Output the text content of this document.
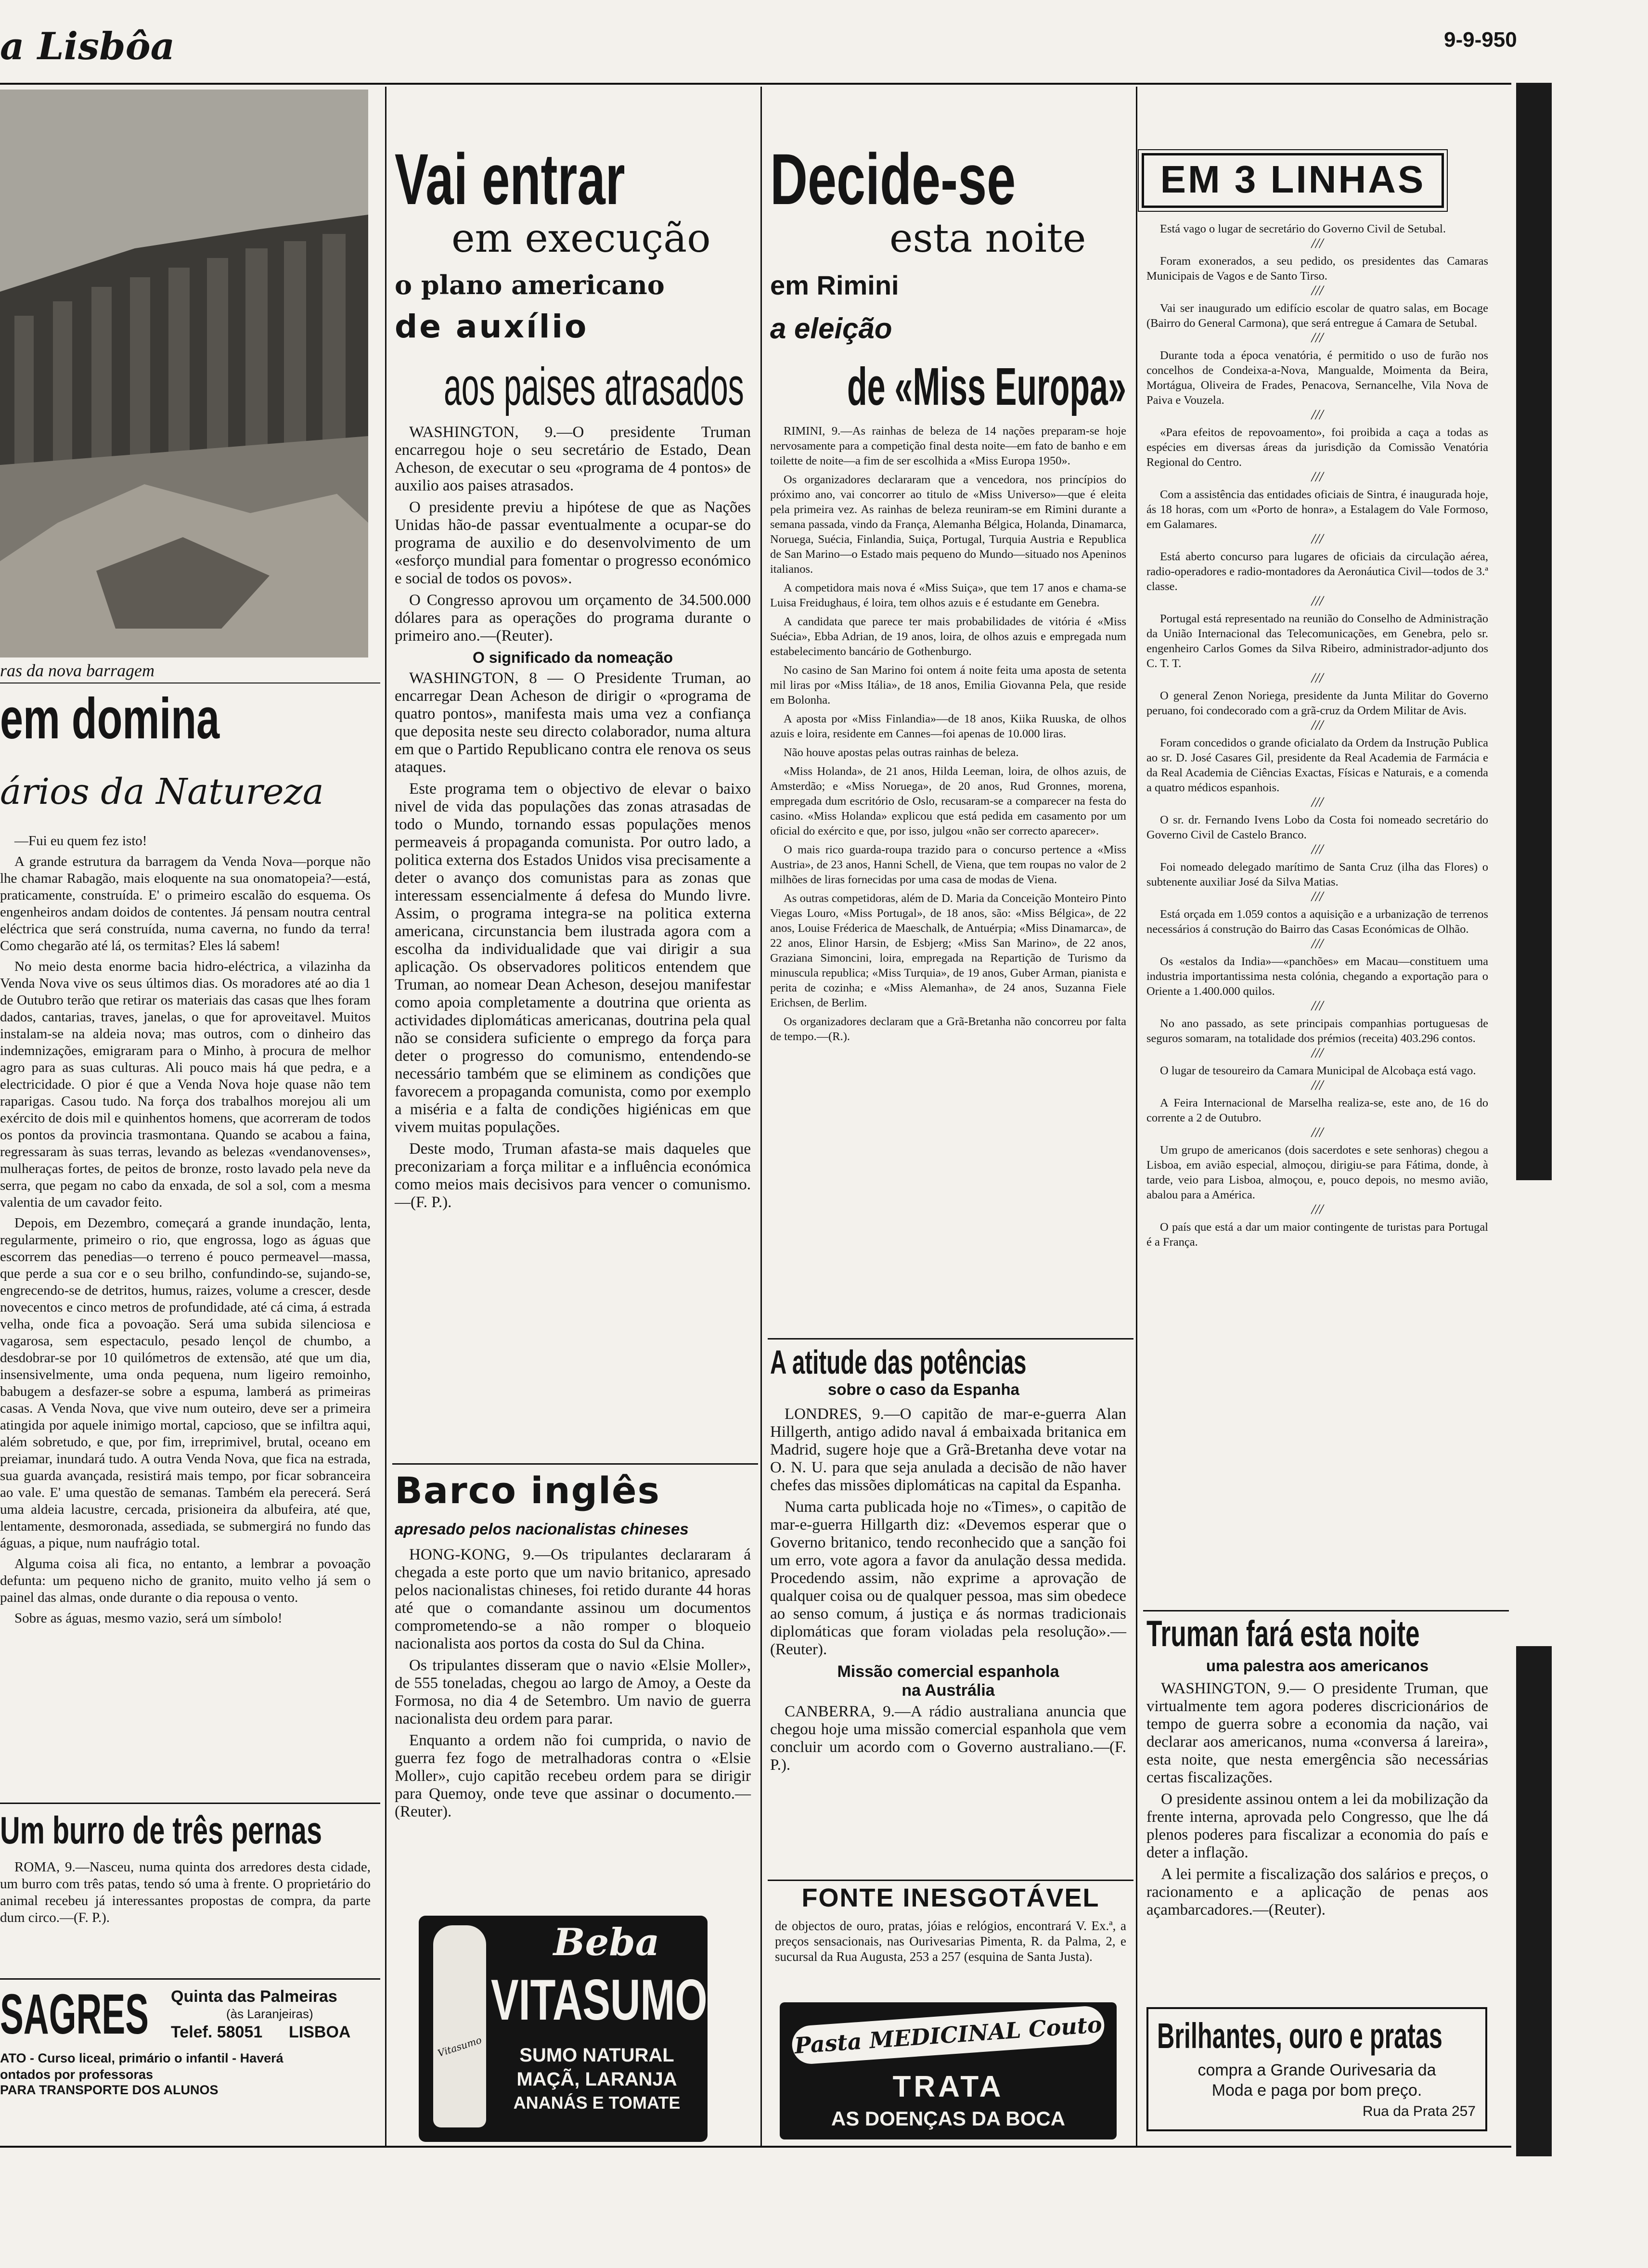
a Lisbôa	9-9-950
ras da nova barragem
em domina
ários da Natureza

—Fui eu quem fez isto!

A grande estrutura da barragem da Venda Nova—porque não lhe chamar Rabagão, mais eloquente na sua onomatopeia?—está, praticamente, construída. E' o primeiro escalão do esquema. Os engenheiros andam doidos de contentes. Já pensam noutra central eléctrica que será construída, numa caverna, no fundo da terra! Como chegarão até lá, os termitas? Eles lá sabem!

No meio desta enorme bacia hidro-eléctrica, a vilazinha da Venda Nova vive os seus últimos dias. Os moradores até ao dia 1 de Outubro terão que retirar os materiais das casas que lhes foram dados, cantarias, traves, janelas, o que for aproveitavel. Muitos instalam-se na aldeia nova; mas outros, com o dinheiro das indemnizações, emigraram para o Minho, à procura de melhor agro para as suas culturas. Ali pouco mais há que pedra, e a electricidade. O pior é que a Venda Nova hoje quase não tem raparigas. Casou tudo. Na força dos trabalhos morejou ali um exército de dois mil e quinhentos homens, que acorreram de todos os pontos da provincia trasmontana. Quando se acabou a faina, regressaram às suas terras, levando as belezas «vendanovenses», mulheraças fortes, de peitos de bronze, rosto lavado pela neve da serra, que pegam no cabo da enxada, de sol a sol, com a mesma valentia de um cavador feito.

Depois, em Dezembro, começará a grande inundação, lenta, regularmente, primeiro o rio, que engrossa, logo as águas que escorrem das penedias—o terreno é pouco permeavel—massa, que perde a sua cor e o seu brilho, confundindo-se, sujando-se, engrecendo-se de detritos, humus, raizes, volume a crescer, desde novecentos e cinco metros de profundidade, até cá cima, á estrada velha, onde fica a povoação. Será uma subida silenciosa e vagarosa, sem espectaculo, pesado lençol de chumbo, a desdobrar-se por 10 quilómetros de extensão, até que um dia, insensivelmente, uma onda pequena, num ligeiro remoinho, babugem a desfazer-se sobre a espuma, lamberá as primeiras casas. A Venda Nova, que vive num outeiro, deve ser a primeira atingida por aquele inimigo mortal, capcioso, que se infiltra aqui, além sobretudo, e que, por fim, irreprimivel, brutal, oceano em preiamar, inundará tudo. A outra Venda Nova, que fica na estrada, sua guarda avançada, resistirá mais tempo, por ficar sobranceira ao vale. E' uma questão de semanas. Também ela perecerá. Será uma aldeia lacustre, cercada, prisioneira da albufeira, até que, lentamente, desmoronada, assediada, se submergirá no fundo das águas, a pique, num naufrágio total.

Alguma coisa ali fica, no entanto, a lembrar a povoação defunta: um pequeno nicho de granito, muito velho já sem o painel das almas, onde durante o dia repousa o vento.

Sobre as águas, mesmo vazio, será um símbolo!

Um burro de três pernas

ROMA, 9.—Nasceu, numa quinta dos arredores desta cidade, um burro com três patas, tendo só uma à frente. O proprietário do animal recebeu já interessantes propostas de compra, da parte dum circo.—(F. P.).

SAGRES Quinta das Palmeiras
(às Laranjeiras)
Telef. 58051 LISBOA
ATO - Curso liceal, primário o infantil - Haverá
ontados por professoras
PARA TRANSPORTE DOS ALUNOS
Vai entrar
em execução
o plano americano
de auxílio
aos paises atrasados

WASHINGTON, 9.—O presidente Truman encarregou hoje o seu secretário de Estado, Dean Acheson, de executar o seu «programa de 4 pontos» de auxilio aos paises atrasados.

O presidente previu a hipótese de que as Nações Unidas hão-de passar eventualmente a ocupar-se do programa de auxilio e do desenvolvimento de um «esforço mundial para fomentar o progresso económico e social de todos os povos».

O Congresso aprovou um orçamento de 34.500.000 dólares para as operações do programa durante o primeiro ano.—(Reuter).

O significado da nomeação

WASHINGTON, 8 — O Presidente Truman, ao encarregar Dean Acheson de dirigir o «programa de quatro pontos», manifesta mais uma vez a confiança que deposita neste seu directo colaborador, numa altura em que o Partido Republicano contra ele renova os seus ataques.

Este programa tem o objectivo de elevar o baixo nivel de vida das populações das zonas atrasadas de todo o Mundo, tornando essas populações menos permeaveis á propaganda comunista. Por outro lado, a politica externa dos Estados Unidos visa precisamente a deter o avanço dos comunistas para as zonas que interessam essencialmente á defesa do Mundo livre. Assim, o programa integra-se na politica externa americana, circunstancia bem ilustrada agora com a escolha da individualidade que vai dirigir a sua aplicação. Os observadores politicos entendem que Truman, ao nomear Dean Acheson, desejou manifestar como apoia completamente a doutrina que orienta as actividades diplomáticas americanas, doutrina pela qual não se considera suficiente o emprego da força para deter o progresso do comunismo, entendendo-se necessário também que se eliminem as condições que favorecem a propaganda comunista, como por exemplo a miséria e a falta de condições higiénicas em que vivem muitas populações.

Deste modo, Truman afasta-se mais daqueles que preconizariam a força militar e a influência económica como meios mais decisivos para vencer o comunismo.—(F. P.).

Barco inglês
apresado pelos nacionalistas chineses

HONG-KONG, 9.—Os tripulantes declararam á chegada a este porto que um navio britanico, apresado pelos nacionalistas chineses, foi retido durante 44 horas até que o comandante assinou um documentos comprometendo-se a não romper o bloqueio nacionalista aos portos da costa do Sul da China.

Os tripulantes disseram que o navio «Elsie Moller», de 555 toneladas, chegou ao largo de Amoy, a Oeste da Formosa, no dia 4 de Setembro. Um navio de guerra nacionalista deu ordem para parar.

Enquanto a ordem não foi cumprida, o navio de guerra fez fogo de metralhadoras contra o «Elsie Moller», cujo capitão recebeu ordem para se dirigir para Quemoy, onde teve que assinar o documento.—(Reuter).

Vitasumo
Beba
VITASUMO
SUMO NATURAL
MAÇÃ, LARANJA
ANANÁS E TOMATE
Decide-se
esta noite
em Rimini
a eleição
de «Miss Europa»

RIMINI, 9.—As rainhas de beleza de 14 nações preparam-se hoje nervosamente para a competição final desta noite—em fato de banho e em toilette de noite—a fim de ser escolhida a «Miss Europa 1950».

Os organizadores declararam que a vencedora, nos princípios do próximo ano, vai concorrer ao titulo de «Miss Universo»—que é eleita pela primeira vez. As rainhas de beleza reuniram-se em Rimini durante a semana passada, vindo da França, Alemanha Bélgica, Holanda, Dinamarca, Noruega, Suécia, Finlandia, Suiça, Portugal, Turquia Austria e Republica de San Marino—o Estado mais pequeno do Mundo—situado nos Apeninos italianos.

A competidora mais nova é «Miss Suiça», que tem 17 anos e chama-se Luisa Freidughaus, é loira, tem olhos azuis e é estudante em Genebra.

A candidata que parece ter mais probabilidades de vitória é «Miss Suécia», Ebba Adrian, de 19 anos, loira, de olhos azuis e empregada num estabelecimento bancário de Gothenburgo.

No casino de San Marino foi ontem á noite feita uma aposta de setenta mil liras por «Miss Itália», de 18 anos, Emilia Giovanna Pela, que reside em Bolonha.

A aposta por «Miss Finlandia»—de 18 anos, Kiika Ruuska, de olhos azuis e loira, residente em Cannes—foi apenas de 10.000 liras.

Não houve apostas pelas outras rainhas de beleza.

«Miss Holanda», de 21 anos, Hilda Leeman, loira, de olhos azuis, de Amsterdão; e «Miss Noruega», de 20 anos, Rud Gronnes, morena, empregada dum escritório de Oslo, recusaram-se a comparecer na festa do casino. «Miss Holanda» explicou que está pedida em casamento por um oficial do exército e que, por isso, julgou «não ser correcto aparecer».

O mais rico guarda-roupa trazido para o concurso pertence a «Miss Austria», de 23 anos, Hanni Schell, de Viena, que tem roupas no valor de 2 milhões de liras fornecidas por uma casa de modas de Viena.

As outras competidoras, além de D. Maria da Conceição Monteiro Pinto Viegas Louro, «Miss Portugal», de 18 anos, são: «Miss Bélgica», de 22 anos, Louise Fréderica de Maeschalk, de Antuérpia; «Miss Dinamarca», de 22 anos, Elinor Harsin, de Esbjerg; «Miss San Marino», de 22 anos, Graziana Simoncini, loira, empregada na Repartição de Turismo da minuscula republica; «Miss Turquia», de 19 anos, Guber Arman, pianista e perita de cozinha; e «Miss Alemanha», de 24 anos, Suzanna Fiele Erichsen, de Berlim.

Os organizadores declaram que a Grã-Bretanha não concorreu por falta de tempo.—(R.).

A atitude das potências
sobre o caso da Espanha

LONDRES, 9.—O capitão de mar-e-guerra Alan Hillgerth, antigo adido naval á embaixada britanica em Madrid, sugere hoje que a Grã-Bretanha deve votar na O. N. U. para que seja anulada a decisão de não haver chefes das missões diplomáticas na capital da Espanha.

Numa carta publicada hoje no «Times», o capitão de mar-e-guerra Hillgarth diz: «Devemos esperar que o Governo britanico, tendo reconhecido que a sanção foi um erro, vote agora a favor da anulação dessa medida. Procedendo assim, não exprime a aprovação de qualquer coisa ou de qualquer pessoa, mas sim obedece ao senso comum, á justiça e ás normas tradicionais diplomáticas que foram violadas pela resolução».—(Reuter).

Missão comercial espanhola
na Austrália

CANBERRA, 9.—A rádio australiana anuncia que chegou hoje uma missão comercial espanhola que vem concluir um acordo com o Governo australiano.—(F. P.).

FONTE INESGOTÁVEL

de objectos de ouro, pratas, jóias e relógios, encontrará V. Ex.ª, a preços sensacionais, nas Ourivesarias Pimenta, R. da Palma, 2, e sucursal da Rua Augusta, 253 a 257 (esquina de Santa Justa).

Pasta MEDICINAL Couto
TRATA
AS DOENÇAS DA BOCA
EM 3 LINHAS

Está vago o lugar de secretário do Governo Civil de Setubal.

///

Foram exonerados, a seu pedido, os presidentes das Camaras Municipais de Vagos e de Santo Tirso.

///

Vai ser inaugurado um edifício escolar de quatro salas, em Bocage (Bairro do General Carmona), que será entregue á Camara de Setubal.

///

Durante toda a época venatória, é permitido o uso de furão nos concelhos de Condeixa-a-Nova, Mangualde, Moimenta da Beira, Mortágua, Oliveira de Frades, Penacova, Sernancelhe, Vila Nova de Paiva e Vouzela.

///

«Para efeitos de repovoamento», foi proibida a caça a todas as espécies em diversas áreas da jurisdição da Comissão Venatória Regional do Centro.

///

Com a assistência das entidades oficiais de Sintra, é inaugurada hoje, ás 18 horas, com um «Porto de honra», a Estalagem do Vale Formoso, em Galamares.

///

Está aberto concurso para lugares de oficiais da circulação aérea, radio-operadores e radio-montadores da Aeronáutica Civil—todos de 3.ª classe.

///

Portugal está representado na reunião do Conselho de Administração da União Internacional das Telecomunicações, em Genebra, pelo sr. engenheiro Carlos Gomes da Silva Ribeiro, administrador-adjunto dos C. T. T.

///

O general Zenon Noriega, presidente da Junta Militar do Governo peruano, foi condecorado com a grã-cruz da Ordem Militar de Avis.

///

Foram concedidos o grande oficialato da Ordem da Instrução Publica ao sr. D. José Casares Gil, presidente da Real Academia de Farmácia e da Real Academia de Ciências Exactas, Físicas e Naturais, e a comenda a quatro médicos espanhois.

///

O sr. dr. Fernando Ivens Lobo da Costa foi nomeado secretário do Governo Civil de Castelo Branco.

///

Foi nomeado delegado marítimo de Santa Cruz (ilha das Flores) o subtenente auxiliar José da Silva Matias.

///

Está orçada em 1.059 contos a aquisição e a urbanização de terrenos necessários á construção do Bairro das Casas Económicas de Olhão.

///

Os «estalos da India»—«panchões» em Macau—constituem uma industria importantissima nesta colónia, chegando a exportação para o Oriente a 1.400.000 quilos.

///

No ano passado, as sete principais companhias portuguesas de seguros somaram, na totalidade dos prémios (receita) 403.296 contos.

///

O lugar de tesoureiro da Camara Municipal de Alcobaça está vago.

///

A Feira Internacional de Marselha realiza-se, este ano, de 16 do corrente a 2 de Outubro.

///

Um grupo de americanos (dois sacerdotes e sete senhoras) chegou a Lisboa, em avião especial, almoçou, dirigiu-se para Fátima, donde, à tarde, veio para Lisboa, almoçou, e, pouco depois, no mesmo avião, abalou para a América.

///

O país que está a dar um maior contingente de turistas para Portugal é a França.

Truman fará esta noite
uma palestra aos americanos

WASHINGTON, 9.— O presidente Truman, que virtualmente tem agora poderes discricionários de tempo de guerra sobre a economia da nação, vai declarar aos americanos, numa «conversa á lareira», esta noite, que nesta emergência são necessárias certas fiscalizações.

O presidente assinou ontem a lei da mobilização da frente interna, aprovada pelo Congresso, que lhe dá plenos poderes para fiscalizar a economia do país e deter a inflação.

A lei permite a fiscalização dos salários e preços, o racionamento e a aplicação de penas aos açambarcadores.—(Reuter).

Brilhantes, ouro e pratas
compra a Grande Ourivesaria da
Moda e paga por bom preço.
Rua da Prata 257
